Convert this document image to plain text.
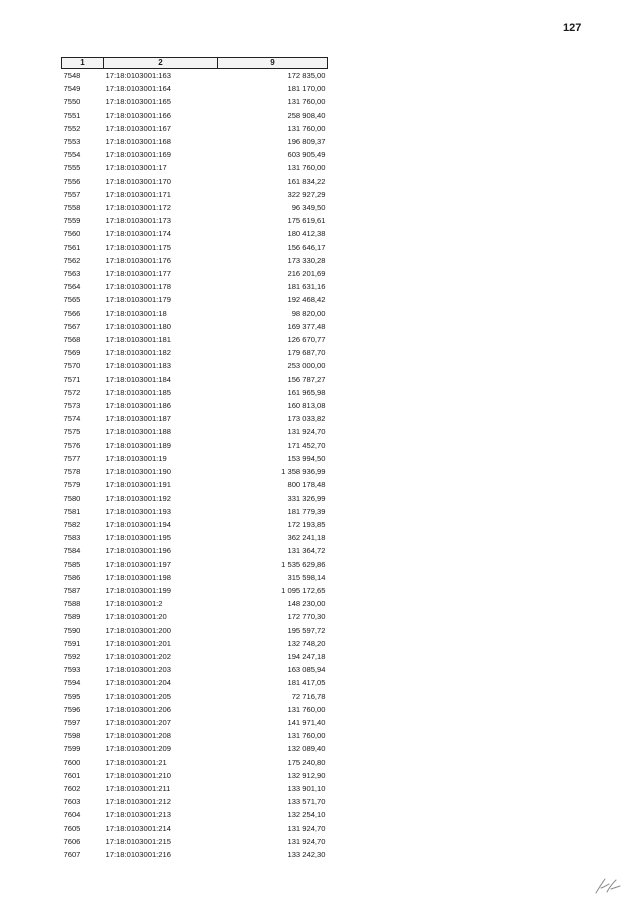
127
1	2	9
7548	17:18:0103001:163	172 835,00
7549	17:18:0103001:164	181 170,00
7550	17:18:0103001:165	131 760,00
7551	17:18:0103001:166	258 908,40
7552	17:18:0103001:167	131 760,00
7553	17:18:0103001:168	196 809,37
7554	17:18:0103001:169	603 905,49
7555	17:18:0103001:17	131 760,00
7556	17:18:0103001:170	161 834,22
7557	17:18:0103001:171	322 927,29
7558	17:18:0103001:172	96 349,50
7559	17:18:0103001:173	175 619,61
7560	17:18:0103001:174	180 412,38
7561	17:18:0103001:175	156 646,17
7562	17:18:0103001:176	173 330,28
7563	17:18:0103001:177	216 201,69
7564	17:18:0103001:178	181 631,16
7565	17:18:0103001:179	192 468,42
7566	17:18:0103001:18	98 820,00
7567	17:18:0103001:180	169 377,48
7568	17:18:0103001:181	126 670,77
7569	17:18:0103001:182	179 687,70
7570	17:18:0103001:183	253 000,00
7571	17:18:0103001:184	156 787,27
7572	17:18:0103001:185	161 965,98
7573	17:18:0103001:186	160 813,08
7574	17:18:0103001:187	173 033,82
7575	17:18:0103001:188	131 924,70
7576	17:18:0103001:189	171 452,70
7577	17:18:0103001:19	153 994,50
7578	17:18:0103001:190	1 358 936,99
7579	17:18:0103001:191	800 178,48
7580	17:18:0103001:192	331 326,99
7581	17:18:0103001:193	181 779,39
7582	17:18:0103001:194	172 193,85
7583	17:18:0103001:195	362 241,18
7584	17:18:0103001:196	131 364,72
7585	17:18:0103001:197	1 535 629,86
7586	17:18:0103001:198	315 598,14
7587	17:18:0103001:199	1 095 172,65
7588	17:18:0103001:2	148 230,00
7589	17:18:0103001:20	172 770,30
7590	17:18:0103001:200	195 597,72
7591	17:18:0103001:201	132 748,20
7592	17:18:0103001:202	194 247,18
7593	17:18:0103001:203	163 085,94
7594	17:18:0103001:204	181 417,05
7595	17:18:0103001:205	72 716,78
7596	17:18:0103001:206	131 760,00
7597	17:18:0103001:207	141 971,40
7598	17:18:0103001:208	131 760,00
7599	17:18:0103001:209	132 089,40
7600	17:18:0103001:21	175 240,80
7601	17:18:0103001:210	132 912,90
7602	17:18:0103001:211	133 901,10
7603	17:18:0103001:212	133 571,70
7604	17:18:0103001:213	132 254,10
7605	17:18:0103001:214	131 924,70
7606	17:18:0103001:215	131 924,70
7607	17:18:0103001:216	133 242,30
